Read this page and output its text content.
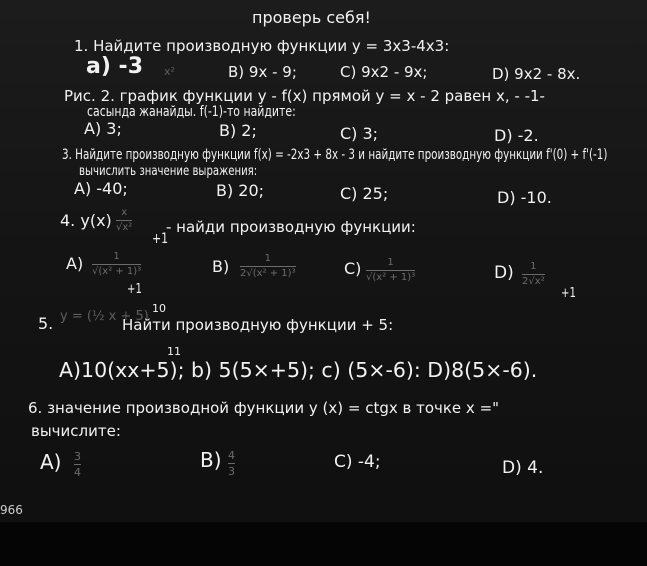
проверь себя!
1. Найдите производную функции y = 3x3-4x3:
а) -3 x²	B) 9x - 9;	C) 9x2 - 9x;	D) 9x2 - 8x.
Рис. 2. график функции y - f(x) прямой y = x - 2 равен x, - -1-
сасында жанайды. f(-1)-то найдите:
A) 3;	B) 2;	C) 3;	D) -2.
3. Найдите производную функции f(x) = -2x3 + 8x - 3 и найдите производную функции f'(0) + f'(-1)
вычислить значение выражения:
A) -40;	B) 20;	C) 25;	D) -10.
4. y(x) x
√x²
+1
- найди производную функции:
A)	1
√(x² + 1)³
+1
B)	1
2√(x² + 1)³	C)	1
√(x² + 1)³	D) 1
2√x²
+1
10
5. y = (½ x + 5)
Найти производную функции + 5:
11
A)10(xx+5); b) 5(5×+5); c) (5×-6): D)8(5×-6).
6. значение производной функции y (x) = ctgx в точке x ="
вычислите:
A) 3
4
B) 4
3	C) -4;	D) 4.
966
